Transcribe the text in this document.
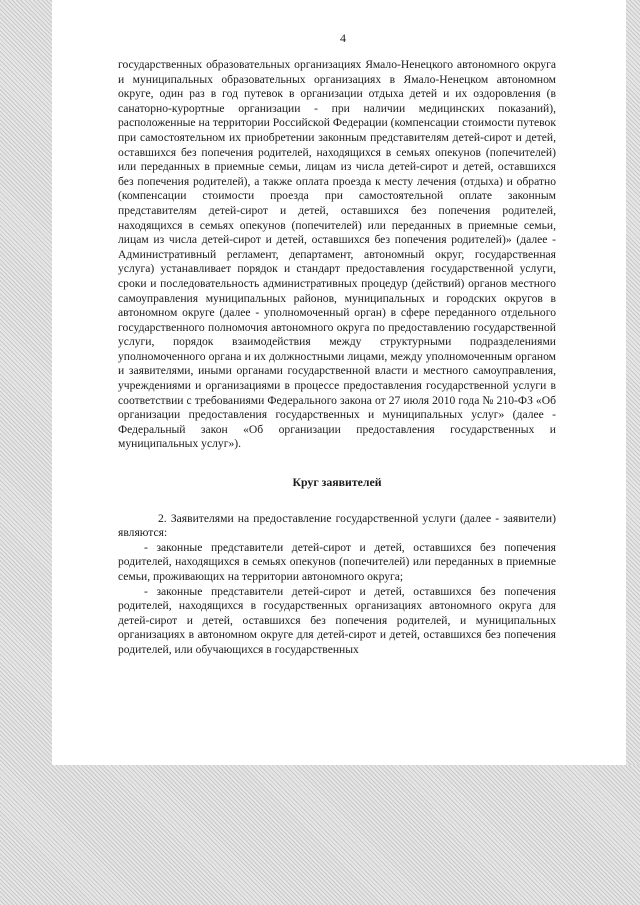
4

государственных образовательных организациях Ямало-Ненецкого автономного округа и муниципальных образовательных организациях в Ямало-Ненецком автономном округе, один раз в год путевок в организации отдыха детей и их оздоровления (в санаторно-курортные организации - при наличии медицинских показаний), расположенные на территории Российской Федерации (компенсации стоимости путевок при самостоятельном их приобретении законным представителям детей-сирот и детей, оставшихся без попечения родителей, находящихся в семьях опекунов (попечителей) или переданных в приемные семьи, лицам из числа детей-сирот и детей, оставшихся без попечения родителей), а также оплата проезда к месту лечения (отдыха) и обратно (компенсации стоимости проезда при самостоятельной оплате законным представителям детей-сирот и детей, оставшихся без попечения родителей, находящихся в семьях опекунов (попечителей) или переданных в приемные семьи, лицам из числа детей-сирот и детей, оставшихся без попечения родителей)» (далее - Административный регламент, департамент, автономный округ, государственная услуга) устанавливает порядок и стандарт предоставления государственной услуги, сроки и последовательность административных процедур (действий) органов местного самоуправления муниципальных районов, муниципальных и городских округов в автономном округе (далее - уполномоченный орган) в сфере переданного отдельного государственного полномочия автономного округа по предоставлению государственной услуги, порядок взаимодействия между структурными подразделениями уполномоченного органа и их должностными лицами, между уполномоченным органом и заявителями, иными органами государственной власти и местного самоуправления, учреждениями и организациями в процессе предоставления государственной услуги в соответствии с требованиями Федерального закона от 27 июля 2010 года № 210-ФЗ «Об организации предоставления государственных и муниципальных услуг» (далее - Федеральный закон «Об организации предоставления государственных и муниципальных услуг»).

Круг заявителей

2. Заявителями на предоставление государственной услуги (далее - заявители) являются:

- законные представители детей-сирот и детей, оставшихся без попечения родителей, находящихся в семьях опекунов (попечителей) или переданных в приемные семьи, проживающих на территории автономного округа;

- законные представители детей-сирот и детей, оставшихся без попечения родителей, находящихся в государственных организациях автономного округа для детей-сирот и детей, оставшихся без попечения родителей, и муниципальных организациях в автономном округе для детей-сирот и детей, оставшихся без попечения родителей, или обучающихся в государственных
